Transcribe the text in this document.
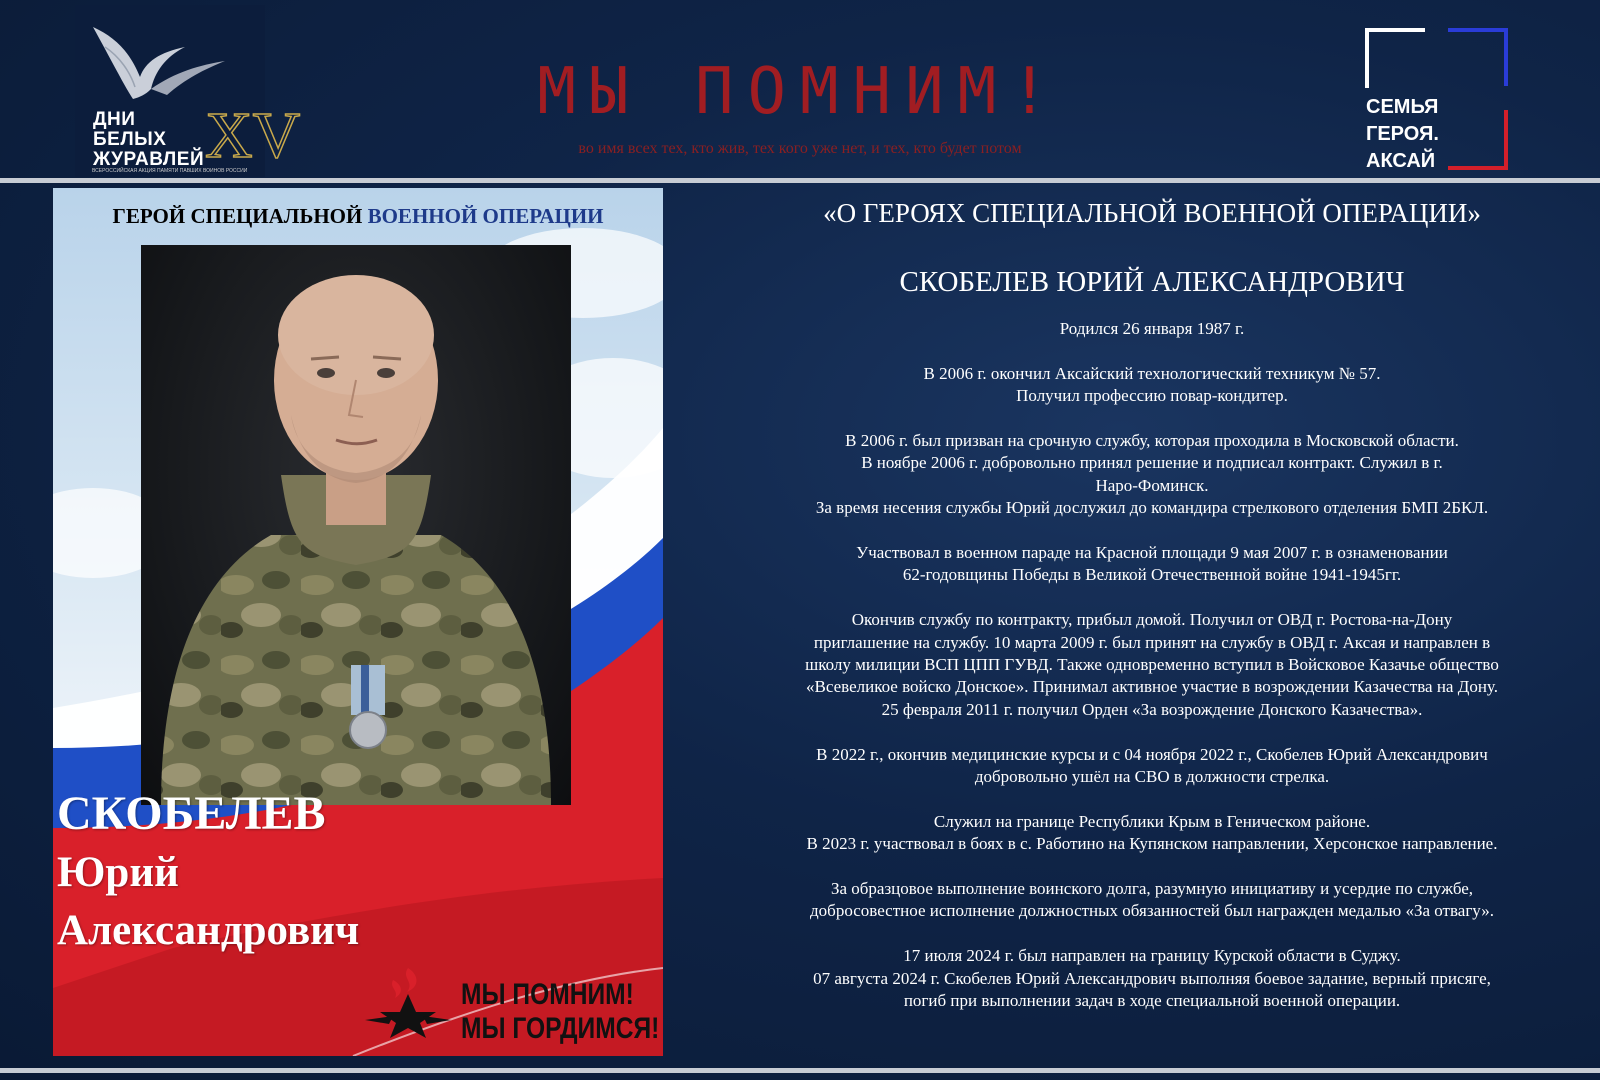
ДНИ
БЕЛЫХ
ЖУРАВЛЕЙ XV
ВСЕРОССИЙСКАЯ АКЦИЯ ПАМЯТИ ПАВШИХ ВОИНОВ РОССИИ
МЫ ПОМНИМ!
во имя всех тех, кто жив, тех кого уже нет, и тех, кто будет потом
СЕМЬЯ
ГЕРОЯ.
АКСАЙ
ГЕРОЙ СПЕЦИАЛЬНОЙ ВОЕННОЙ ОПЕРАЦИИ
СКОБЕЛЕВ
Юрий
Александрович
МЫ ПОМНИМ!
МЫ ГОРДИМСЯ!
«О ГЕРОЯХ СПЕЦИАЛЬНОЙ ВОЕННОЙ ОПЕРАЦИИ»
СКОБЕЛЕВ ЮРИЙ АЛЕКСАНДРОВИЧ

Родился 26 января 1987 г.

В 2006 г. окончил Аксайский технологический техникум № 57.
Получил профессию повар-кондитер.

В 2006 г. был призван на срочную службу, которая проходила в Московской области.
В ноябре 2006 г. добровольно принял решение и подписал контракт. Служил в г.
Наро-Фоминск.
За время несения службы Юрий дослужил до командира стрелкового отделения БМП 2БКЛ.

Участвовал в военном параде на Красной площади 9 мая 2007 г. в ознаменовании
62-годовщины Победы в Великой Отечественной войне 1941-1945гг.

Окончив службу по контракту, прибыл домой. Получил от ОВД г. Ростова-на-Дону
приглашение на службу. 10 марта 2009 г. был принят на службу в ОВД г. Аксая и направлен в
школу милиции ВСП ЦПП ГУВД. Также одновременно вступил в Войсковое Казачье общество
«Всевеликое войско Донское». Принимал активное участие в возрождении Казачества на Дону.
25 февраля 2011 г. получил Орден «За возрождение Донского Казачества».

В 2022 г., окончив медицинские курсы и с 04 ноября 2022 г., Скобелев Юрий Александрович
добровольно ушёл на СВО в должности стрелка.

Служил на границе Республики Крым в Геническом районе.
В 2023 г. участвовал в боях в с. Работино на Купянском направлении, Херсонское направление.

За образцовое выполнение воинского долга, разумную инициативу и усердие по службе,
добросовестное исполнение должностных обязанностей был награжден медалью «За отвагу».

17 июля 2024 г. был направлен на границу Курской области в Суджу.
07 августа 2024 г. Скобелев Юрий Александрович выполняя боевое задание, верный присяге,
погиб при выполнении задач в ходе специальной военной операции.
